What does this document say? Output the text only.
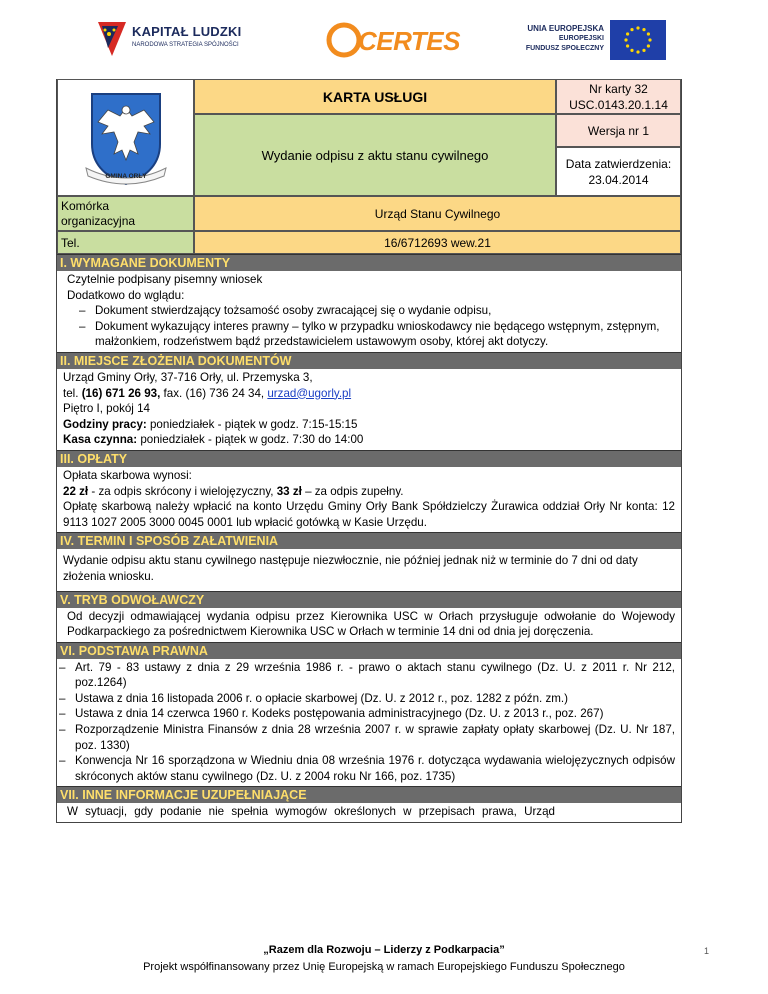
KAPITAŁ LUDZKI
NARODOWA STRATEGIA SPÓJNOŚCI	CERTES	UNIA EUROPEJSKA
EUROPEJSKI
FUNDUSZ SPOŁECZNY
GMINA ORŁY
KARTA USŁUGI	Nr karty 32
USC.0143.20.1.14
Wydanie odpisu z aktu stanu cywilnego
Wersja nr 1
Data zatwierdzenia:
23.04.2014
Komórka
organizacyjna	Urząd Stanu Cywilnego
Tel.	16/6712693 wew.21
I. WYMAGANE DOKUMENTY
Czytelnie podpisany pisemny wniosek
Dodatkowo do wglądu:
– Dokument stwierdzający tożsamość osoby zwracającej się o wydanie odpisu,
– Dokument wykazujący interes prawny – tylko w przypadku wnioskodawcy nie będącego wstępnym, zstępnym, małżonkiem, rodzeństwem bądź przedstawicielem ustawowym osoby, której akt dotyczy.
II. MIEJSCE ZŁOŻENIA DOKUMENTÓW
Urząd Gminy Orły, 37-716 Orły, ul. Przemyska 3,
tel. (16) 671 26 93, fax. (16) 736 24 34, urzad@ugorly.pl
Piętro I, pokój 14
Godziny pracy: poniedziałek - piątek w godz. 7:15-15:15
Kasa czynna: poniedziałek - piątek w godz. 7:30 do 14:00
III. OPŁATY
Opłata skarbowa wynosi:
22 zł - za odpis skrócony i wielojęzyczny, 33 zł – za odpis zupełny.
Opłatę skarbową należy wpłacić na konto Urzędu Gminy Orły Bank Spółdzielczy Żurawica oddział Orły Nr konta: 12 9113 1027 2005 3000 0045 0001 lub wpłacić gotówką w Kasie Urzędu.
IV. TERMIN I SPOSÓB ZAŁATWIENIA
Wydanie odpisu aktu stanu cywilnego następuje niezwłocznie, nie później jednak niż w terminie do 7 dni od daty złożenia wniosku.
V. TRYB ODWOŁAWCZY
Od decyzji odmawiającej wydania odpisu przez Kierownika USC w Orłach przysługuje odwołanie do Wojewody Podkarpackiego za pośrednictwem Kierownika USC w Orłach w terminie 14 dni od dnia jej doręczenia.
VI. PODSTAWA PRAWNA
– Art. 79 - 83 ustawy z dnia z 29 września 1986 r. - prawo o aktach stanu cywilnego (Dz. U. z 2011 r. Nr 212, poz.1264)
– Ustawa z dnia 16 listopada 2006 r. o opłacie skarbowej (Dz. U. z 2012 r., poz. 1282 z późn. zm.)
– Ustawa z dnia 14 czerwca 1960 r. Kodeks postępowania administracyjnego (Dz. U. z 2013 r., poz. 267)
– Rozporządzenie Ministra Finansów z dnia 28 września 2007 r. w sprawie zapłaty opłaty skarbowej (Dz. U. Nr 187, poz. 1330)
– Konwencja Nr 16 sporządzona w Wiedniu dnia 08 września 1976 r. dotycząca wydawania wielojęzycznych odpisów skróconych aktów stanu cywilnego (Dz. U. z 2004 roku Nr 166, poz. 1735)
VII. INNE INFORMACJE UZUPEŁNIAJĄCE
W sytuacji, gdy podanie nie spełnia wymogów określonych w przepisach prawa, Urząd
„Razem dla Rozwoju – Liderzy z Podkarpacia”
Projekt współfinansowany przez Unię Europejską w ramach Europejskiego Funduszu Społecznego
1
